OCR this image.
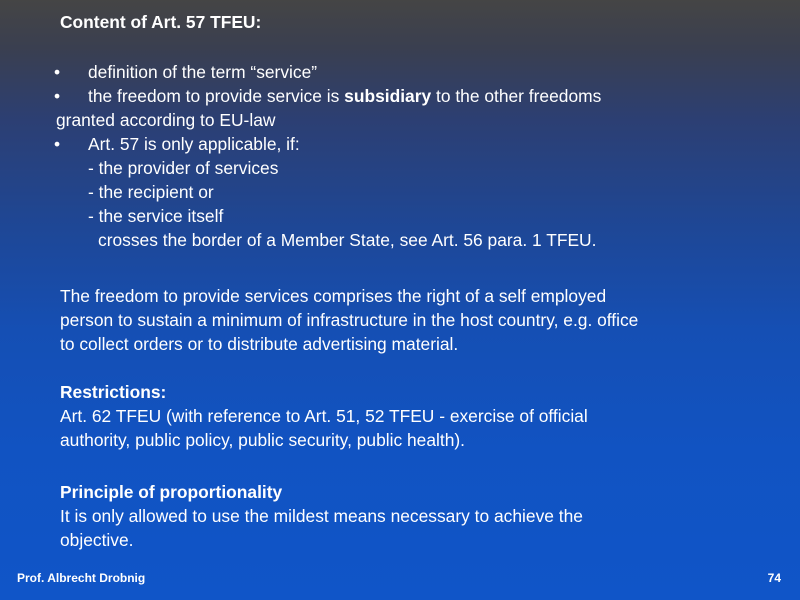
Content of Art. 57 TFEU:
• definition of the term “service”
• the freedom to provide service is subsidiary to the other freedoms
granted according to EU-law
• Art. 57 is only applicable, if:
- the provider of services
- the recipient or
- the service itself
crosses the border of a Member State, see Art. 56 para. 1 TFEU.
The freedom to provide services comprises the right of a self employed
person to sustain a minimum of infrastructure in the host country, e.g. office
to collect orders or to distribute advertising material.
Restrictions:
Art. 62 TFEU (with reference to Art. 51, 52 TFEU - exercise of official
authority, public policy, public security, public health).
Principle of proportionality
It is only allowed to use the mildest means necessary to achieve the
objective.
Prof. Albrecht Drobnig	74
